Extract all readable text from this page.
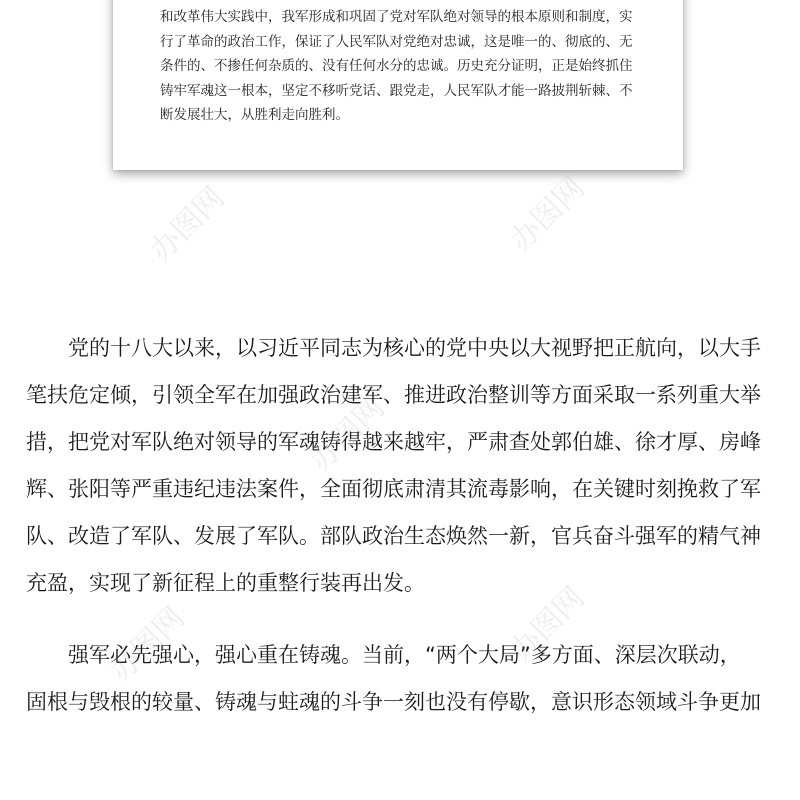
和改革伟大实践中，我军形成和巩固了党对军队绝对领导的根本原则和制度，实
行了革命的政治工作，保证了人民军队对党绝对忠诚，这是唯一的、彻底的、无
条件的、不掺任何杂质的、没有任何水分的忠诚。历史充分证明，正是始终抓住
铸牢军魂这一根本，坚定不移听党话、跟党走，人民军队才能一路披荆斩棘、不
断发展壮大，从胜利走向胜利。
党的十八大以来，以习近平同志为核心的党中央以大视野把正航向，以大手
笔扶危定倾，引领全军在加强政治建军、推进政治整训等方面采取一系列重大举
措，把党对军队绝对领导的军魂铸得越来越牢，严肃查处郭伯雄、徐才厚、房峰
辉、张阳等严重违纪违法案件，全面彻底肃清其流毒影响，在关键时刻挽救了军
队、改造了军队、发展了军队。部队政治生态焕然一新，官兵奋斗强军的精气神
充盈，实现了新征程上的重整行装再出发。
强军必先强心，强心重在铸魂。当前，“两个大局”多方面、深层次联动，
固根与毁根的较量、铸魂与蛀魂的斗争一刻也没有停歇，意识形态领域斗争更加
办图网	办图网
办图网
办图网	办图网
